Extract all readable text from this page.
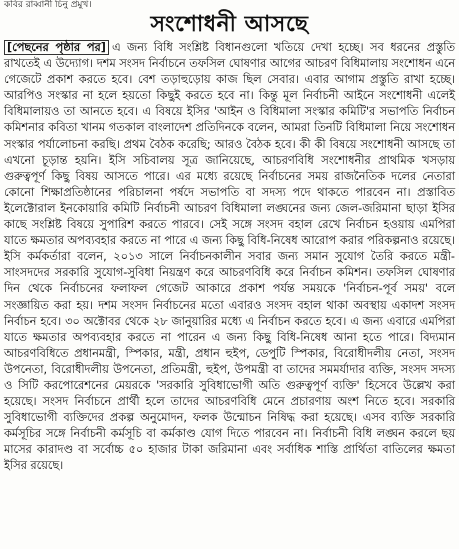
কবির রাব্বানী চিনু প্রমুখ।
সংশোধনী আসছে

[পেছনের পৃষ্ঠার পর] এ জন্য বিধি সংশ্লিষ্ট বিধানগুলো খতিয়ে দেখা হচ্ছে। সব ধরনের প্রস্তুতি রাখতেই এ উদ্যোগ। দশম সংসদ নির্বাচনে তফসিল ঘোষণার আগের আচরণ বিধিমালায় সংশোধন এনে গেজেটে প্রকাশ করতে হবে। বেশ তড়াহুড়োয় কাজ ছিল সেবার। এবার আগাম প্রস্তুতি রাখা হচ্ছে। আরপিও সংস্কার না হলে হয়তো কিছুই করতে হবে না। কিন্তু মূল নির্বাচনী আইনে সংশোধনী এলেই বিধিমালায়ও তা আনতে হবে। এ বিষয়ে ইসির 'আইন ও বিধিমালা সংস্কার কমিটি'র সভাপতি নির্বাচন কমিশনার কবিতা খানম গতকাল বাংলাদেশ প্রতিদিনকে বলেন, আমরা তিনটি বিধিমালা নিয়ে সংশোধন সংস্কার পর্যালোচনা করছি। প্রথম বৈঠক করেছি; আরও বৈঠক হবে। কী কী বিষয়ে সংশোধনী আসছে তা এখনো চূড়ান্ত হয়নি। ইসি সচিবালয় সূত্র জানিয়েছে, আচরণবিধি সংশোধনীর প্রাথমিক খসড়ায় গুরুত্বপূর্ণ কিছু বিষয় আসতে পারে। এর মধ্যে রয়েছে নির্বাচনের সময় রাজনৈতিক দলের নেতারা কোনো শিক্ষাপ্রতিষ্ঠানের পরিচালনা পর্ষদে সভাপতি বা সদস্য পদে থাকতে পারবেন না। প্রস্তাবিত ইলেক্টোরাল ইনকোয়ারি কমিটি নির্বাচনী আচরণ বিধিমালা লঙ্ঘনের জন্য জেল-জরিমানা ছাড়া ইসির কাছে সংশ্লিষ্ট বিষয়ে সুপারিশ করতে পারবে। সেই সঙ্গে সংসদ বহাল রেখে নির্বাচন হওয়ায় এমপিরা যাতে ক্ষমতার অপব্যবহার করতে না পারে এ জন্য কিছু বিধি-নিষেধ আরোপ করার পরিকল্পনাও রয়েছে। ইসি কর্মকর্তারা বলেন, ২০১৩ সালে নির্বাচনকালীন সবার জন্য সমান সুযোগ তৈরি করতে মন্ত্রী-সাংসদদের সরকারি সুযোগ-সুবিধা নিয়ন্ত্রণ করে আচরণবিধি করে নির্বাচন কমিশন। তফসিল ঘোষণার দিন থেকে নির্বাচনের ফলাফল গেজেট আকারে প্রকাশ পর্যন্ত সময়কে 'নির্বাচন-পূর্ব সময়' বলে সংজ্ঞায়িত করা হয়। দশম সংসদ নির্বাচনের মতো এবারও সংসদ বহাল থাকা অবস্থায় একাদশ সংসদ নির্বাচন হবে। ৩০ অক্টোবর থেকে ২৮ জানুয়ারির মধ্যে এ নির্বাচন করতে হবে। এ জন্য এবারে এমপিরা যাতে ক্ষমতার অপব্যবহার করতে না পারেন এ জন্য কিছু বিধি-নিষেধ আনা হতে পারে। বিদ্যমান আচরণবিধিতে প্রধানমন্ত্রী, স্পিকার, মন্ত্রী, প্রধান হুইপ, ডেপুটি স্পিকার, বিরোধীদলীয় নেতা, সংসদ উপনেতা, বিরোধীদলীয় উপনেতা, প্রতিমন্ত্রী, হুইপ, উপমন্ত্রী বা তাদের সমমর্যাদার ব্যক্তি, সংসদ সদস্য ও সিটি করপোরেশনের মেয়রকে 'সরকারি সুবিধাভোগী অতি গুরুত্বপূর্ণ ব্যক্তি' হিসেবে উল্লেখ করা হয়েছে। সংসদ নির্বাচনে প্রার্থী হলে তাদের আচরণবিধি মেনে প্রচারণায় অংশ নিতে হবে। সরকারি সুবিধাভোগী ব্যক্তিদের প্রকল্প অনুমোদন, ফলক উন্মোচন নিষিদ্ধ করা হয়েছে। এসব ব্যক্তি সরকারি কর্মসূচির সঙ্গে নির্বাচনী কর্মসূচি বা কর্মকাণ্ড যোগ দিতে পারবেন না। নির্বাচনী বিধি লঙ্ঘন করলে ছয় মাসের কারাদণ্ড বা সর্বোচ্চ ৫০ হাজার টাকা জরিমানা এবং সর্বাধিক শাস্তি প্রার্থিতা বাতিলের ক্ষমতা ইসির রয়েছে।
